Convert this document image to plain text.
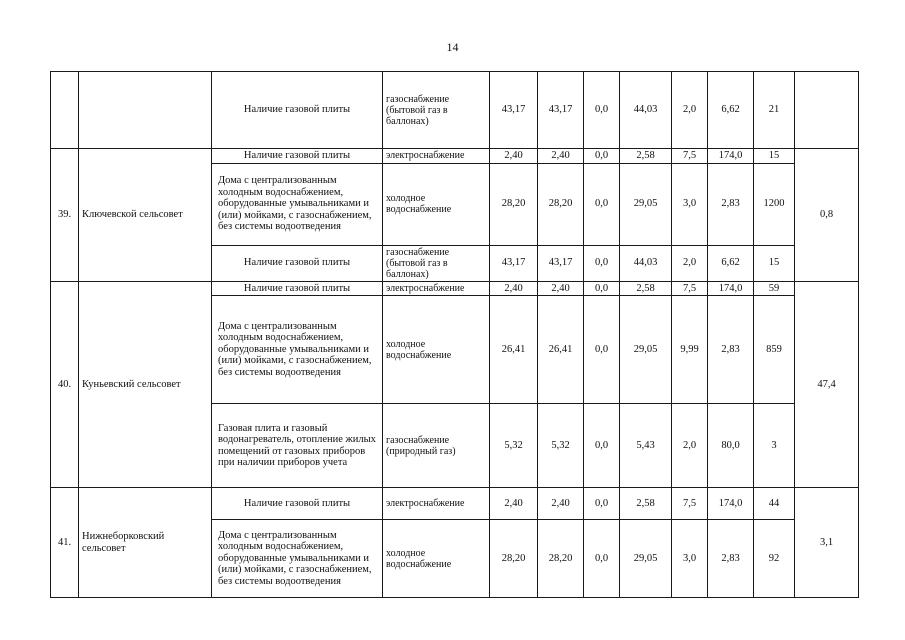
14
		Наличие газовой плиты	газоснабжение (бытовой газ в баллонах)	43,17	43,17	0,0	44,03	2,0	6,62	21	
39.	Ключевской сельсовет	Наличие газовой плиты	электроснабжение	2,40	2,40	0,0	2,58	7,5	174,0	15	0,8
		Дома с централизованным холодным водоснабжением, оборудованные умывальниками и (или) мойками, с газоснабжением, без системы водоотведения	холодное водоснабжение	28,20	28,20	0,0	29,05	3,0	2,83	1200	
		Наличие газовой плиты	газоснабжение (бытовой газ в баллонах)	43,17	43,17	0,0	44,03	2,0	6,62	15	
40.	Куньевский сельсовет	Наличие газовой плиты	электроснабжение	2,40	2,40	0,0	2,58	7,5	174,0	59	47,4
		Дома с централизованным холодным водоснабжением, оборудованные умывальниками и (или) мойками, с газоснабжением, без системы водоотведения	холодное водоснабжение	26,41	26,41	0,0	29,05	9,99	2,83	859	
		Газовая плита и газовый водонагреватель, отопление жилых помещений от газовых приборов при наличии приборов учета	газоснабжение (природный газ)	5,32	5,32	0,0	5,43	2,0	80,0	3	
41.	Нижнеборковский сельсовет	Наличие газовой плиты	электроснабжение	2,40	2,40	0,0	2,58	7,5	174,0	44	3,1
		Дома с централизованным холодным водоснабжением, оборудованные умывальниками и (или) мойками, с газоснабжением, без системы водоотведения	холодное водоснабжение	28,20	28,20	0,0	29,05	3,0	2,83	92	
